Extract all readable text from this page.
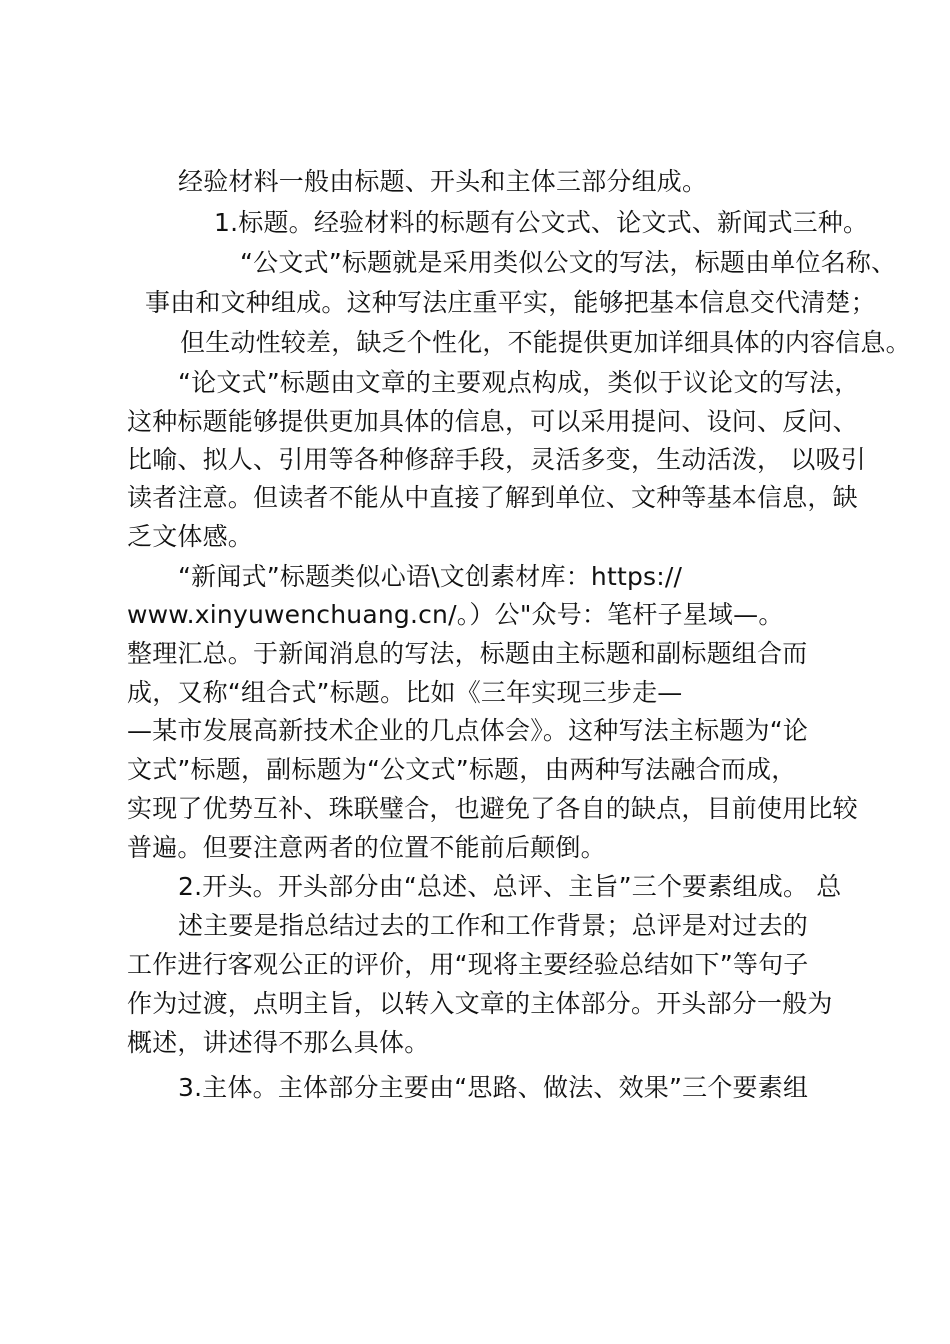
经验材料一般由标题、开头和主体三部分组成。
1.标题。经验材料的标题有公文式、论文式、新闻式三种。
“公文式”标题就是采用类似公文的写法，标题由单位名称、
事由和文种组成。这种写法庄重平实，能够把基本信息交代清楚；
但生动性较差，缺乏个性化，不能提供更加详细具体的内容信息。
“论文式”标题由文章的主要观点构成，类似于议论文的写法，
这种标题能够提供更加具体的信息，可以采用提问、设问、反问、
比喻、拟人、引用等各种修辞手段，灵活多变，生动活泼， 以吸引
读者注意。但读者不能从中直接了解到单位、文种等基本信息，缺
乏文体感。
“新闻式”标题类似心语\文创素材库：https://
www.xinyuwenchuang.cn/。）公"众号：笔杆子星域—。
整理汇总。于新闻消息的写法，标题由主标题和副标题组合而
成，又称“组合式”标题。比如《三年实现三步走—
—某市发展高新技术企业的几点体会》。这种写法主标题为“论
文式”标题，副标题为“公文式”标题，由两种写法融合而成，
实现了优势互补、珠联璧合，也避免了各自的缺点，目前使用比较
普遍。但要注意两者的位置不能前后颠倒。
2.开头。开头部分由“总述、总评、主旨”三个要素组成。 总
述主要是指总结过去的工作和工作背景；总评是对过去的
工作进行客观公正的评价，用“现将主要经验总结如下”等句子
作为过渡，点明主旨，以转入文章的主体部分。开头部分一般为
概述，讲述得不那么具体。
3.主体。主体部分主要由“思路、做法、效果”三个要素组
